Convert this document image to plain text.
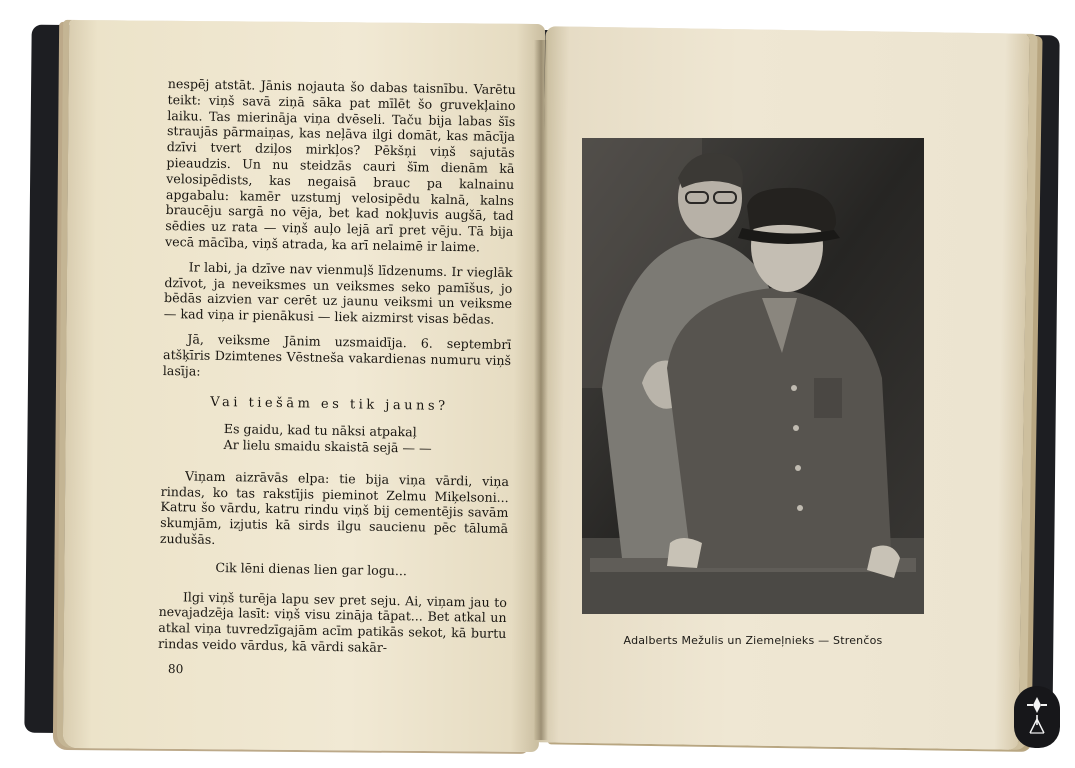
nespēj atstāt. Jānis nojauta šo dabas taisnību. Varētu teikt: viņš savā ziņā sāka pat mīlēt šo gruvekļaino laiku. Tas mierināja viņa dvēseli. Taču bija labas šīs straujās pārmaiņas, kas neļāva ilgi domāt, kas mācīja dzīvi tvert dziļos mirkļos? Pēkšņi viņš sajutās pieaudzis. Un nu steidzās cauri šīm dienām kā velosipēdists, kas negaisā brauc pa kalnainu apgabalu: kamēr uzstumj velosipēdu kalnā, kalns braucēju sargā no vēja, bet kad nokļuvis augšā, tad sēdies uz rata — viņš auļo lejā arī pret vēju. Tā bija vecā mācība, viņš atrada, ka arī nelaimē ir laime.

Ir labi, ja dzīve nav vienmuļš līdzenums. Ir vieglāk dzīvot, ja neveiksmes un veiksmes seko pamīšus, jo bēdās aizvien var cerēt uz jaunu veiksmi un veiksme — kad viņa ir pienākusi — liek aizmirst visas bēdas.

Jā, veiksme Jānim uzsmaidīja. 6. septembrī atšķīris Dzimtenes Vēstneša vakardienas numuru viņš lasīja:

Vai tiešām es tik jauns?
Es gaidu, kad tu nāksi atpakaļ
Ar lielu smaidu skaistā sejā — —

Viņam aizrāvās elpa: tie bija viņa vārdi, viņa rindas, ko tas rakstījis pieminot Zelmu Miķelsoni... Katru šo vārdu, katru rindu viņš bij cementējis savām skumjām, izjutis kā sirds ilgu saucienu pēc tālumā zudušās.

Cik lēni dienas lien gar logu...

Ilgi viņš turēja lapu sev pret seju. Ai, viņam jau to nevajadzēja lasīt: viņš visu zināja tāpat... Bet atkal un atkal viņa tuvredzīgajām acīm patikās sekot, kā burtu rindas veido vārdus, kā vārdi sakār-

80
Adalberts Mežulis un Ziemeļnieks — Strenčos
